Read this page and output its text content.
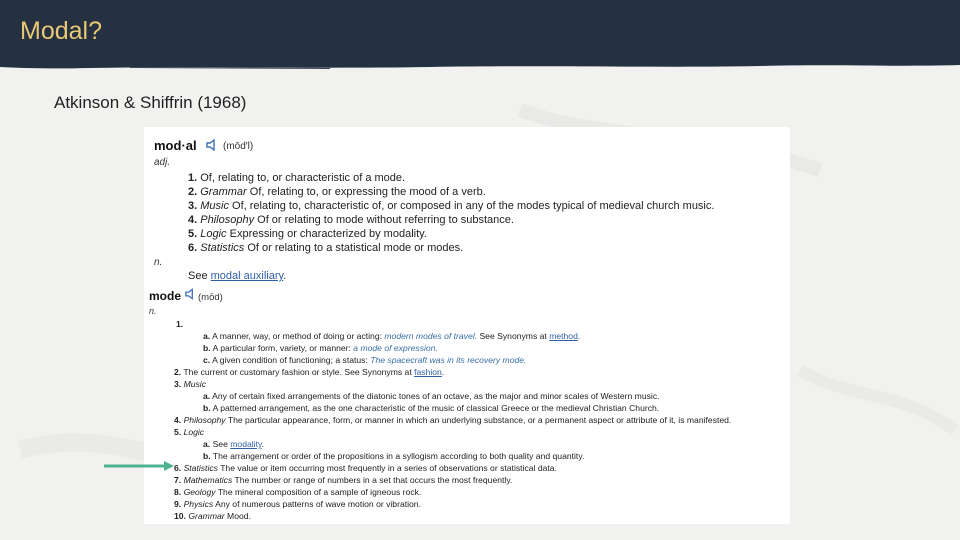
Modal?
Atkinson & Shiffrin (1968)
mod·al	(mōd′l)
adj.
1. Of, relating to, or characteristic of a mode.
2. Grammar Of, relating to, or expressing the mood of a verb.
3. Music Of, relating to, characteristic of, or composed in any of the modes typical of medieval church music.
4. Philosophy Of or relating to mode without referring to substance.
5. Logic Expressing or characterized by modality.
6. Statistics Of or relating to a statistical mode or modes.
n.
See modal auxiliary.
mode (mōd)
n.
1.
a. A manner, way, or method of doing or acting: modern modes of travel. See Synonyms at method.
b. A particular form, variety, or manner: a mode of expression.
c. A given condition of functioning; a status: The spacecraft was in its recovery mode.
2. The current or customary fashion or style. See Synonyms at fashion.
3. Music
a. Any of certain fixed arrangements of the diatonic tones of an octave, as the major and minor scales of Western music.
b. A patterned arrangement, as the one characteristic of the music of classical Greece or the medieval Christian Church.
4. Philosophy The particular appearance, form, or manner in which an underlying substance, or a permanent aspect or attribute of it, is manifested.
5. Logic
a. See modality.
b. The arrangement or order of the propositions in a syllogism according to both quality and quantity.
6. Statistics The value or item occurring most frequently in a series of observations or statistical data.
7. Mathematics The number or range of numbers in a set that occurs the most frequently.
8. Geology The mineral composition of a sample of igneous rock.
9. Physics Any of numerous patterns of wave motion or vibration.
10. Grammar Mood.
